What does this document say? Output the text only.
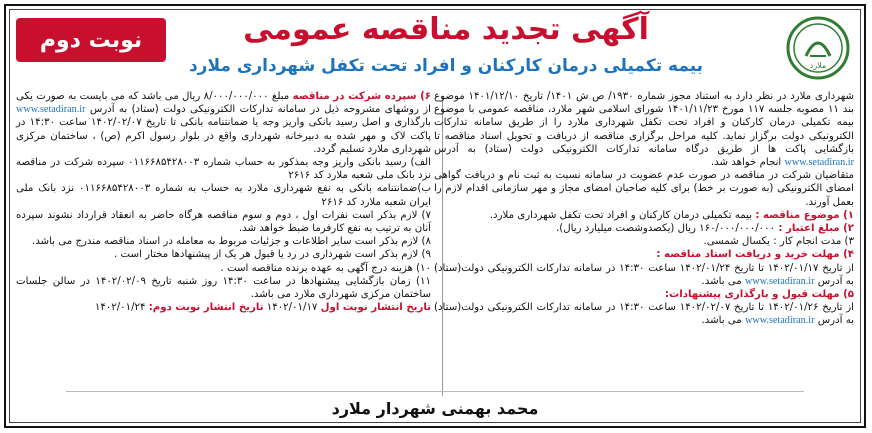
نوبت دوم	آگهی تجدید مناقصه عمومی
بیمه تکمیلی درمان کارکنان و افراد تحت تکفل شهرداری ملارد	ملارد

شهرداری ملارد در نظر دارد به استناد مجوز شماره ۱۹۳۰/ ص ش ۱۴۰۱/ تاریخ ۱۴۰۱/۱۲/۱۰ موضوع بند ۱۱ مصوبه جلسه ۱۱۷ مورخ ۱۴۰۱/۱۱/۲۳ شورای اسلامی شهر ملارد، مناقصه عمومی با موضوع بیمه تکمیلی درمان کارکنان و افراد تحت تکفل شهرداری ملارد را از طریق سامانه تدارکات الکترونیکی دولت برگزار نماید. کلیه مراحل برگزاری مناقصه از دریافت و تحویل اسناد مناقصه تا بازگشایی پاکت ها از طریق درگاه سامانه تدارکات الکترونیکی دولت (ستاد) به آدرس www.setadiran.ir انجام خواهد شد.

متقاضیان شرکت در مناقصه در صورت عدم عضویت در سامانه نسبت به ثبت نام و دریافت گواهی امضای الکترونیکی (به صورت بر خط) برای کلیه صاحبان امضای مجاز و مهر سازمانی اقدام لازم را بعمل آورند.

۱) موضوع مناقصه : بیمه تکمیلی درمان کارکنان و افراد تحت تکفل شهرداری ملارد.

۲) مبلغ اعتبار : ۱۶۰/۰۰۰/۰۰۰/۰۰۰ ریال (یکصدوشصت میلیارد ریال).

۳) مدت انجام کار : یکسال شمسی.

۴) مهلت خرید و دریافت اسناد مناقصه :
از تاریخ ۱۴۰۲/۰۱/۱۷ تا تاریخ ۱۴۰۲/۰۱/۲۴ ساعت ۱۴:۳۰ در سامانه تدارکات الکترونیکی دولت(ستاد) به آدرس www.setadiran.ir می باشد.

۵) مهلت قبول و بارگذاری پیشنهادات:
از تاریخ ۱۴۰۲/۰۱/۲۶ تا تاریخ ۱۴۰۲/۰۲/۰۷ ساعت ۱۴:۳۰ در سامانه تدارکات الکترونیکی دولت(ستاد) به آدرس www.setadiran.ir می باشد.

۶) سپرده شرکت در مناقصه مبلغ ۸/۰۰۰/۰۰۰/۰۰۰ ریال می باشد که می بایست به صورت یکی از روشهای مشروحه ذیل در سامانه تدارکات الکترونیکی دولت (ستاد) به آدرس www.setadiran.ir بارگذاری و اصل رسید بانکی واریز وجه یا ضمانتنامه بانکی تا تاریخ ۱۴۰۲/۰۲/۰۷ ساعت ۱۴:۳۰ در پاکت لاک و مهر شده به دبیرخانه شهرداری واقع در بلوار رسول اکرم (ص) ، ساختمان مرکزی شهرداری ملارد تسلیم گردد.

الف) رسید بانکی واریز وجه بمذکور به حساب شماره ۰۱۱۶۶۸۵۴۲۸۰۰۳ سپرده شرکت در مناقصه نزد بانک ملی شعبه ملارد کد ۲۶۱۶

ب)ضمانتنامه بانکی به نفع شهرداری ملارد به حساب به شماره ۰۱۱۶۶۸۵۴۲۸۰۰۳ نزد بانک ملی ایران شعبه ملارد کد ۲۶۱۶

۷) لازم بذکر است نفرات اول ، دوم و سوم مناقصه هرگاه حاضر به انعقاد قرارداد نشوند سپرده آنان به ترتیب به نفع کارفرما ضبط خواهد شد.

۸) لازم بذکر است سایر اطلاعات و جزئیات مربوط به معامله در اسناد مناقصه مندرج می باشد.

۹) لازم بذکر است شهرداری در رد یا قبول هر یک از پیشنهادها مختار است .

۱۰) هزینه درج آگهی به عهده برنده مناقصه است .

۱۱) زمان بازگشایی پیشنهادها در ساعت ۱۴:۳۰ روز شنبه تاریخ ۱۴۰۲/۰۲/۰۹ در سالن جلسات ساختمان مرکزی شهرداری ملارد می باشد.

تاریخ انتشار نوبت اول ۱۴۰۲/۰۱/۱۷ تاریخ انتشار نوبت دوم: ۱۴۰۲/۰۱/۲۴

محمد بهمنی شهردار ملارد
